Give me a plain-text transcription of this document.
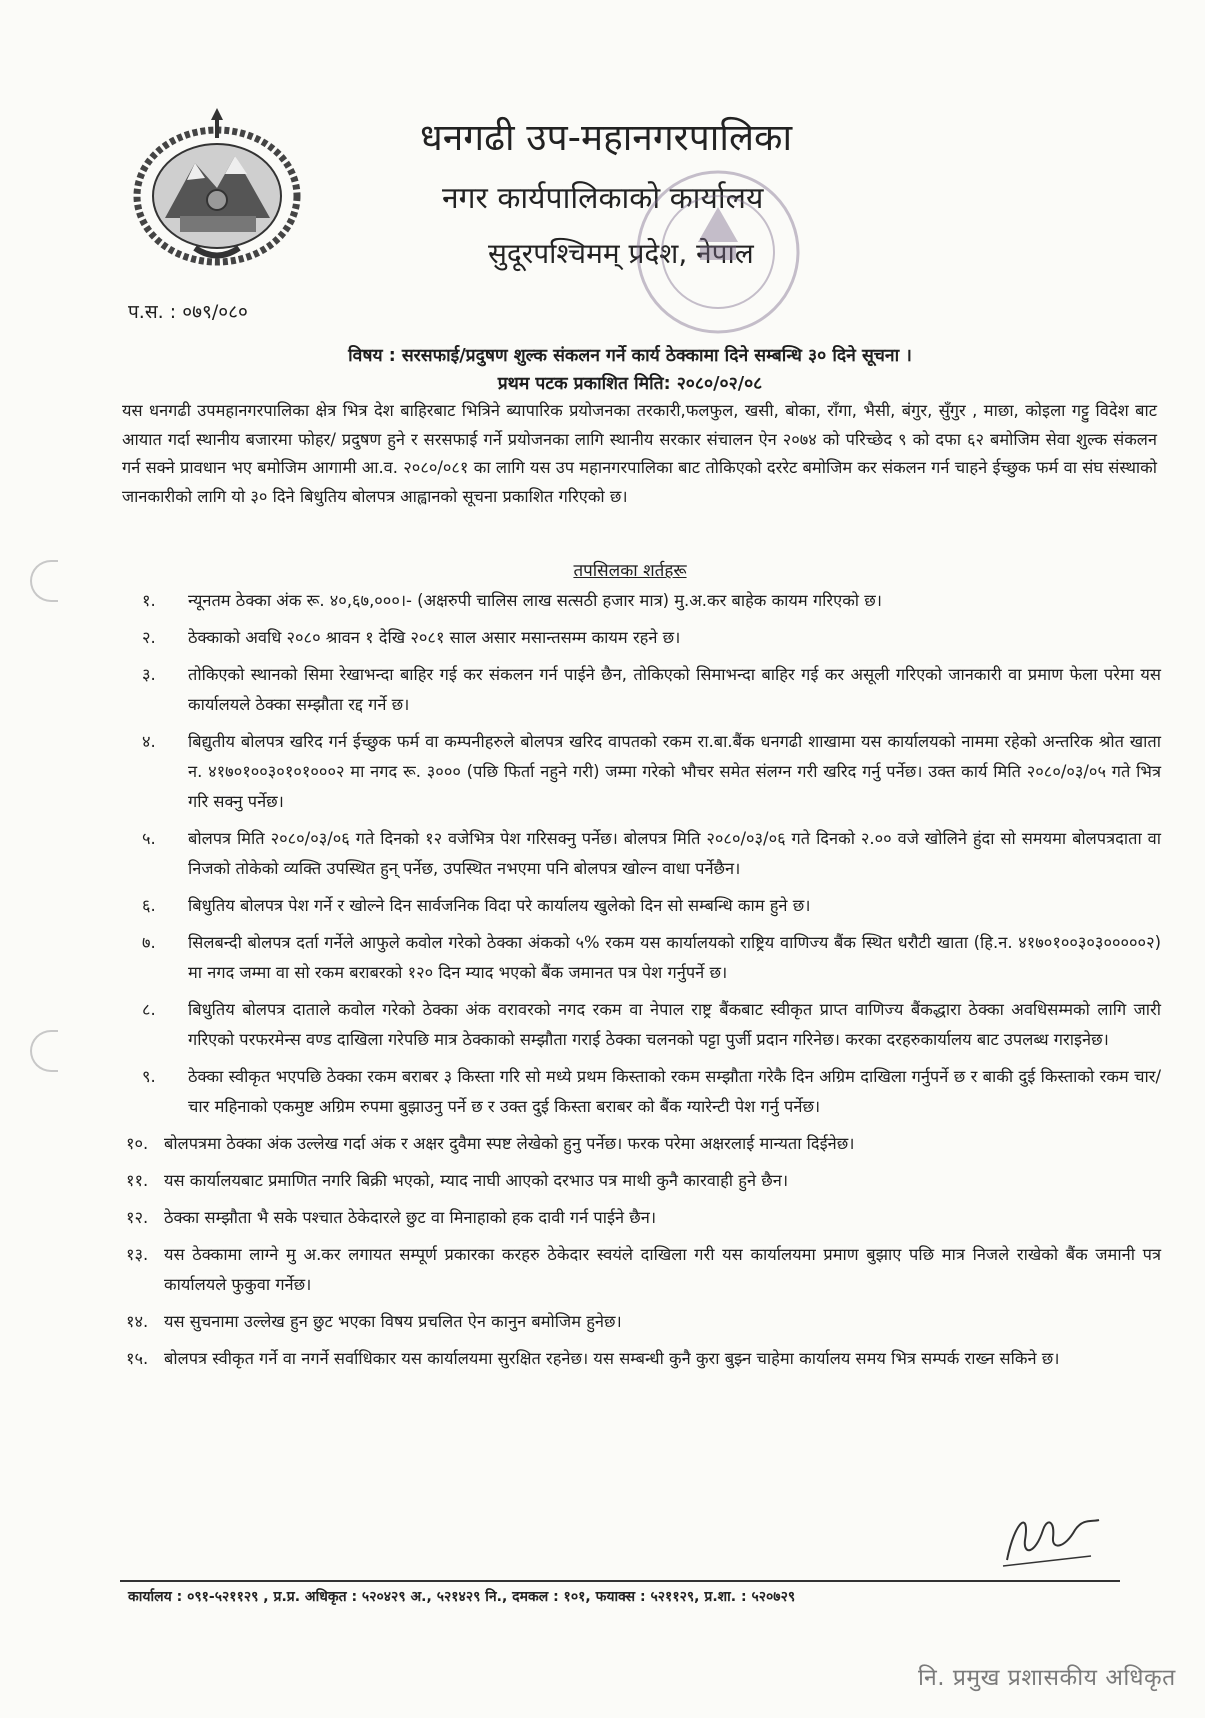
धनगढी उप-महानगरपालिका
नगर कार्यपालिकाको कार्यालय
सुदूरपश्चिमम् प्रदेश, नेपाल
प.स. : ०७९/०८०
विषय : सरसफाई/प्रदुषण शुल्क संकलन गर्ने कार्य ठेक्कामा दिने सम्बन्धि ३० दिने सूचना ।
प्रथम पटक प्रकाशित मिति: २०८०/०२/०८
यस धनगढी उपमहानगरपालिका क्षेत्र भित्र देश बाहिरबाट भित्रिने ब्यापारिक प्रयोजनका तरकारी,फलफुल, खसी, बोका, राँगा, भैसी, बंगुर, सुँगुर , माछा, कोइला गट्टु विदेश बाट आयात गर्दा स्थानीय बजारमा फोहर/ प्रदुषण हुने र सरसफाई गर्ने प्रयोजनका लागि स्थानीय सरकार संचालन ऐन २०७४ को परिच्छेद ९ को दफा ६२ बमोजिम सेवा शुल्क संकलन गर्न सक्ने प्रावधान भए बमोजिम आगामी आ.व. २०८०/०८१ का लागि यस उप महानगरपालिका बाट तोकिएको दररेट बमोजिम कर संकलन गर्न चाहने ईच्छुक फर्म वा संघ संस्थाको जानकारीको लागि यो ३० दिने बिधुतिय बोलपत्र आह्वानको सूचना प्रकाशित गरिएको छ।
तपसिलका शर्तहरू
१.	न्यूनतम ठेक्का अंक रू. ४०,६७,०००।- (अक्षरुपी चालिस लाख सत्सठी हजार मात्र) मु.अ.कर बाहेक कायम गरिएको छ।
२.	ठेक्काको अवधि २०८० श्रावन १ देखि २०८१ साल असार मसान्तसम्म कायम रहने छ।
३.	तोकिएको स्थानको सिमा रेखाभन्दा बाहिर गई कर संकलन गर्न पाईने छैन, तोकिएको सिमाभन्दा बाहिर गई कर असूली गरिएको जानकारी वा प्रमाण फेला परेमा यस कार्यालयले ठेक्का सम्झौता रद्द गर्ने छ।
४.	बिद्युतीय बोलपत्र खरिद गर्न ईच्छुक फर्म वा कम्पनीहरुले बोलपत्र खरिद वापतको रकम रा.बा.बैंक धनगढी शाखामा यस कार्यालयको नाममा रहेको अन्तरिक श्रोत खाता न. ४१७०१००३०१०१०००२ मा नगद रू. ३००० (पछि फिर्ता नहुने गरी) जम्मा गरेको भौचर समेत संलग्न गरी खरिद गर्नु पर्नेछ। उक्त कार्य मिति २०८०/०३/०५ गते भित्र गरि सक्नु पर्नेछ।
५.	बोलपत्र मिति २०८०/०३/०६ गते दिनको १२ वजेभित्र पेश गरिसक्नु पर्नेछ। बोलपत्र मिति २०८०/०३/०६ गते दिनको २.०० वजे खोलिने हुंदा सो समयमा बोलपत्रदाता वा निजको तोकेको व्यक्ति उपस्थित हुन् पर्नेछ, उपस्थित नभएमा पनि बोलपत्र खोल्न वाधा पर्नेछैन।
६.	बिधुतिय बोलपत्र पेश गर्ने र खोल्ने दिन सार्वजनिक विदा परे कार्यालय खुलेको दिन सो सम्बन्धि काम हुने छ।
७.	सिलबन्दी बोलपत्र दर्ता गर्नेले आफुले कवोल गरेको ठेक्का अंकको ५% रकम यस कार्यालयको राष्ट्रिय वाणिज्य बैंक स्थित धरौटी खाता (हि.न. ४१७०१००३०३०००००२) मा नगद जम्मा वा सो रकम बराबरको १२० दिन म्याद भएको बैंक जमानत पत्र पेश गर्नुपर्ने छ।
८.	बिधुतिय बोलपत्र दाताले कवोल गरेको ठेक्का अंक वरावरको नगद रकम वा नेपाल राष्ट्र बैंकबाट स्वीकृत प्राप्त वाणिज्य बैंकद्धारा ठेक्का अवधिसम्मको लागि जारी गरिएको परफरमेन्स वण्ड दाखिला गरेपछि मात्र ठेक्काको सम्झौता गराई ठेक्का चलनको पट्टा पुर्जी प्रदान गरिनेछ। करका दरहरुकार्यालय बाट उपलब्ध गराइनेछ।
९.	ठेक्का स्वीकृत भएपछि ठेक्का रकम बराबर ३ किस्ता गरि सो मध्ये प्रथम किस्ताको रकम सम्झौता गरेकै दिन अग्रिम दाखिला गर्नुपर्ने छ र बाकी दुई किस्ताको रकम चार/चार महिनाको एकमुष्ट अग्रिम रुपमा बुझाउनु पर्ने छ र उक्त दुई किस्ता बराबर को बैंक ग्यारेन्टी पेश गर्नु पर्नेछ।
१०. बोलपत्रमा ठेक्का अंक उल्लेख गर्दा अंक र अक्षर दुवैमा स्पष्ट लेखेको हुनु पर्नेछ। फरक परेमा अक्षरलाई मान्यता दिईनेछ।
११. यस कार्यालयबाट प्रमाणित नगरि बिक्री भएको, म्याद नाघी आएको दरभाउ पत्र माथी कुनै कारवाही हुने छैन।
१२. ठेक्का सम्झौता भै सके पश्चात ठेकेदारले छुट वा मिनाहाको हक दावी गर्न पाईने छैन।
१३. यस ठेक्कामा लाग्ने मु अ.कर लगायत सम्पूर्ण प्रकारका करहरु ठेकेदार स्वयंले दाखिला गरी यस कार्यालयमा प्रमाण बुझाए पछि मात्र निजले राखेको बैंक जमानी पत्र कार्यालयले फुकुवा गर्नेछ।
१४. यस सुचनामा उल्लेख हुन छुट भएका विषय प्रचलित ऐन कानुन बमोजिम हुनेछ।
१५. बोलपत्र स्वीकृत गर्ने वा नगर्ने सर्वाधिकार यस कार्यालयमा सुरक्षित रहनेछ। यस सम्बन्धी कुनै कुरा बुझ्न चाहेमा कार्यालय समय भित्र सम्पर्क राख्न सकिने छ।
कार्यालय : ०९१-५२११२९ , प्र.प्र. अधिकृत : ५२०४२९ अ., ५२१४२९ नि., दमकल : १०१, फयाक्स : ५२११२९, प्र.शा. : ५२०७२९
नि. प्रमुख प्रशासकीय अधिकृत
